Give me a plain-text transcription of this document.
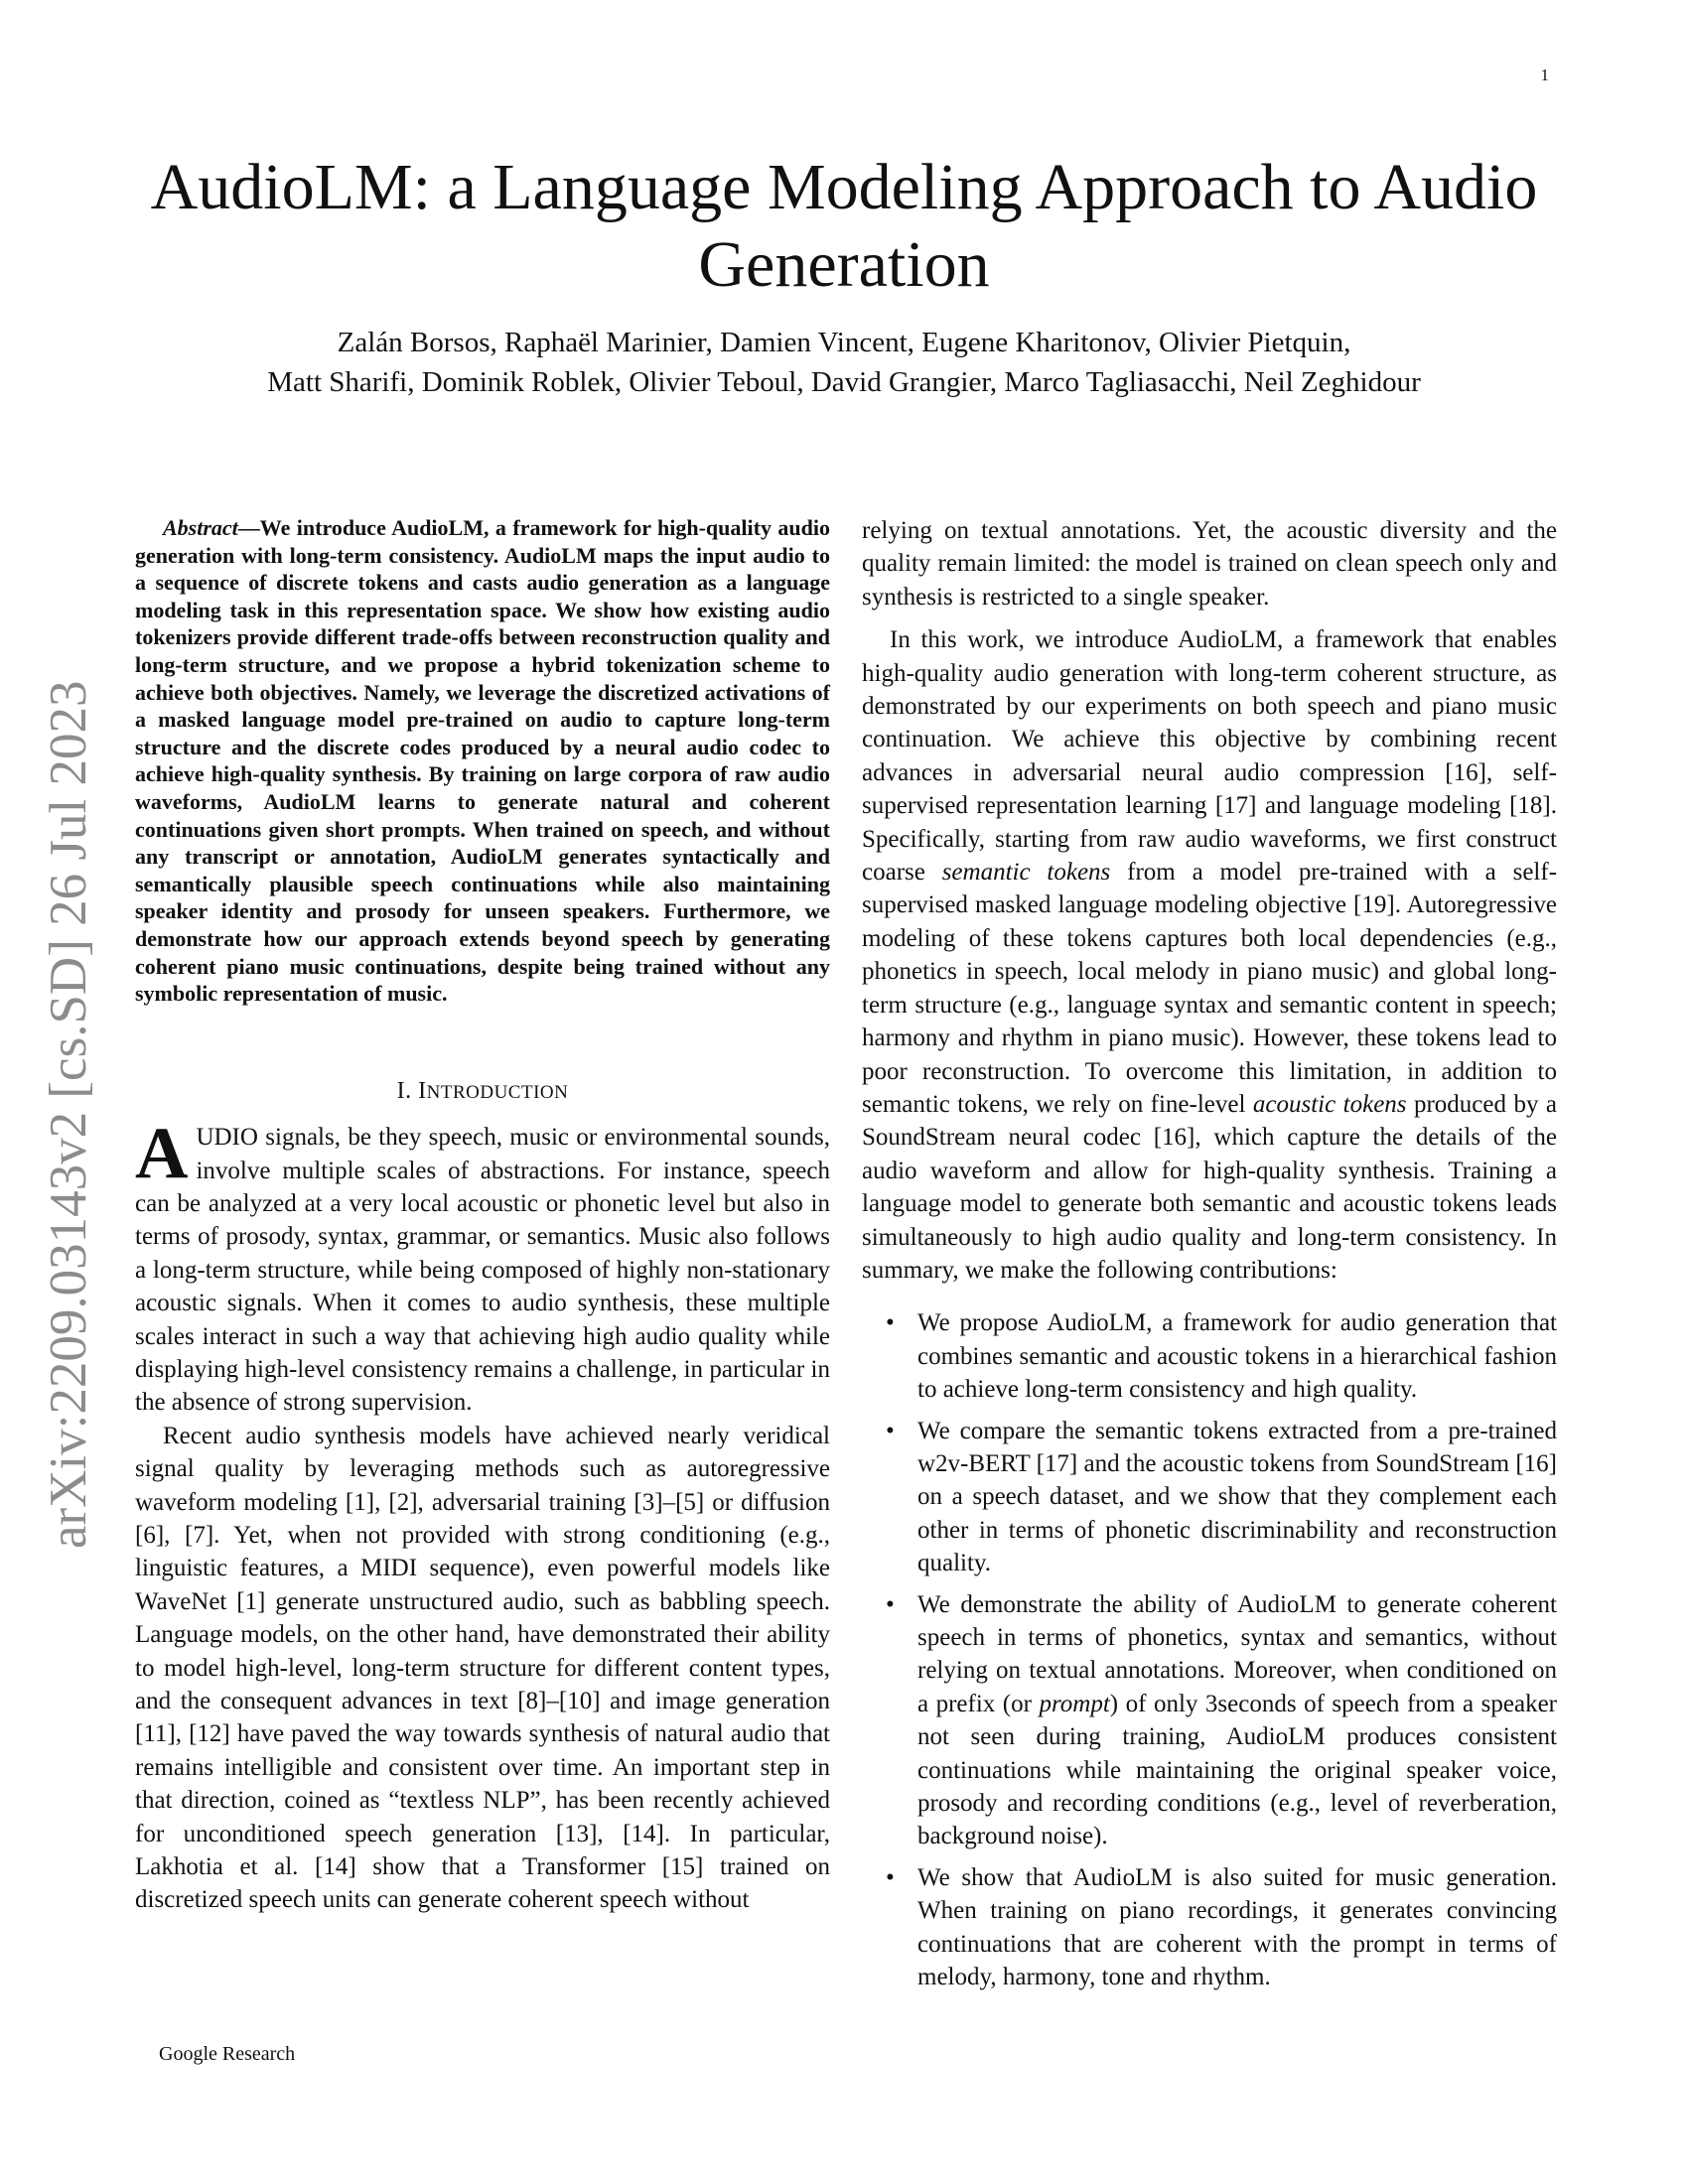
1
arXiv:2209.03143v2 [cs.SD] 26 Jul 2023
AudioLM: a Language Modeling Approach to Audio Generation
Zalán Borsos, Raphaël Marinier, Damien Vincent, Eugene Kharitonov, Olivier Pietquin,
Matt Sharifi, Dominik Roblek, Olivier Teboul, David Grangier, Marco Tagliasacchi, Neil Zeghidour

Abstract—We introduce AudioLM, a framework for high-quality audio generation with long-term consistency. AudioLM maps the input audio to a sequence of discrete tokens and casts audio generation as a language modeling task in this representation space. We show how existing audio tokenizers provide different trade-offs between reconstruction quality and long-term structure, and we propose a hybrid tokenization scheme to achieve both objectives. Namely, we leverage the discretized activations of a masked language model pre-trained on audio to capture long-term structure and the discrete codes produced by a neural audio codec to achieve high-quality synthesis. By training on large corpora of raw audio waveforms, AudioLM learns to generate natural and coherent continuations given short prompts. When trained on speech, and without any transcript or annotation, AudioLM generates syntactically and semantically plausible speech continuations while also maintaining speaker identity and prosody for unseen speakers. Furthermore, we demonstrate how our approach extends beyond speech by generating coherent piano music continuations, despite being trained without any symbolic representation of music.

I. INTRODUCTION

AUDIO signals, be they speech, music or environmental sounds, involve multiple scales of abstractions. For instance, speech can be analyzed at a very local acoustic or phonetic level but also in terms of prosody, syntax, grammar, or semantics. Music also follows a long-term structure, while being composed of highly non-stationary acoustic signals. When it comes to audio synthesis, these multiple scales interact in such a way that achieving high audio quality while displaying high-level consistency remains a challenge, in particular in the absence of strong supervision.

Recent audio synthesis models have achieved nearly veridical signal quality by leveraging methods such as autoregressive waveform modeling [1], [2], adversarial training [3]–[5] or diffusion [6], [7]. Yet, when not provided with strong conditioning (e.g., linguistic features, a MIDI sequence), even powerful models like WaveNet [1] generate unstructured audio, such as babbling speech. Language models, on the other hand, have demonstrated their ability to model high-level, long-term structure for different content types, and the consequent advances in text [8]–[10] and image generation [11], [12] have paved the way towards synthesis of natural audio that remains intelligible and consistent over time. An important step in that direction, coined as “textless NLP”, has been recently achieved for unconditioned speech generation [13], [14]. In particular, Lakhotia et al. [14] show that a Transformer [15] trained on discretized speech units can generate coherent speech without

relying on textual annotations. Yet, the acoustic diversity and the quality remain limited: the model is trained on clean speech only and synthesis is restricted to a single speaker.

In this work, we introduce AudioLM, a framework that enables high-quality audio generation with long-term coherent structure, as demonstrated by our experiments on both speech and piano music continuation. We achieve this objective by combining recent advances in adversarial neural audio compression [16], self-supervised representation learning [17] and language modeling [18]. Specifically, starting from raw audio waveforms, we first construct coarse semantic tokens from a model pre-trained with a self-supervised masked language modeling objective [19]. Autoregressive modeling of these tokens captures both local dependencies (e.g., phonetics in speech, local melody in piano music) and global long-term structure (e.g., language syntax and semantic content in speech; harmony and rhythm in piano music). However, these tokens lead to poor reconstruction. To overcome this limitation, in addition to semantic tokens, we rely on fine-level acoustic tokens produced by a SoundStream neural codec [16], which capture the details of the audio waveform and allow for high-quality synthesis. Training a language model to generate both semantic and acoustic tokens leads simultaneously to high audio quality and long-term consistency. In summary, we make the following contributions:

• We propose AudioLM, a framework for audio generation that combines semantic and acoustic tokens in a hierarchical fashion to achieve long-term consistency and high quality.
• We compare the semantic tokens extracted from a pre-trained w2v-BERT [17] and the acoustic tokens from SoundStream [16] on a speech dataset, and we show that they complement each other in terms of phonetic discriminability and reconstruction quality.
• We demonstrate the ability of AudioLM to generate coherent speech in terms of phonetics, syntax and semantics, without relying on textual annotations. Moreover, when conditioned on a prefix (or prompt) of only 3seconds of speech from a speaker not seen during training, AudioLM produces consistent continuations while maintaining the original speaker voice, prosody and recording conditions (e.g., level of reverberation, background noise).
• We show that AudioLM is also suited for music generation. When training on piano recordings, it generates convincing continuations that are coherent with the prompt in terms of melody, harmony, tone and rhythm.
Google Research
